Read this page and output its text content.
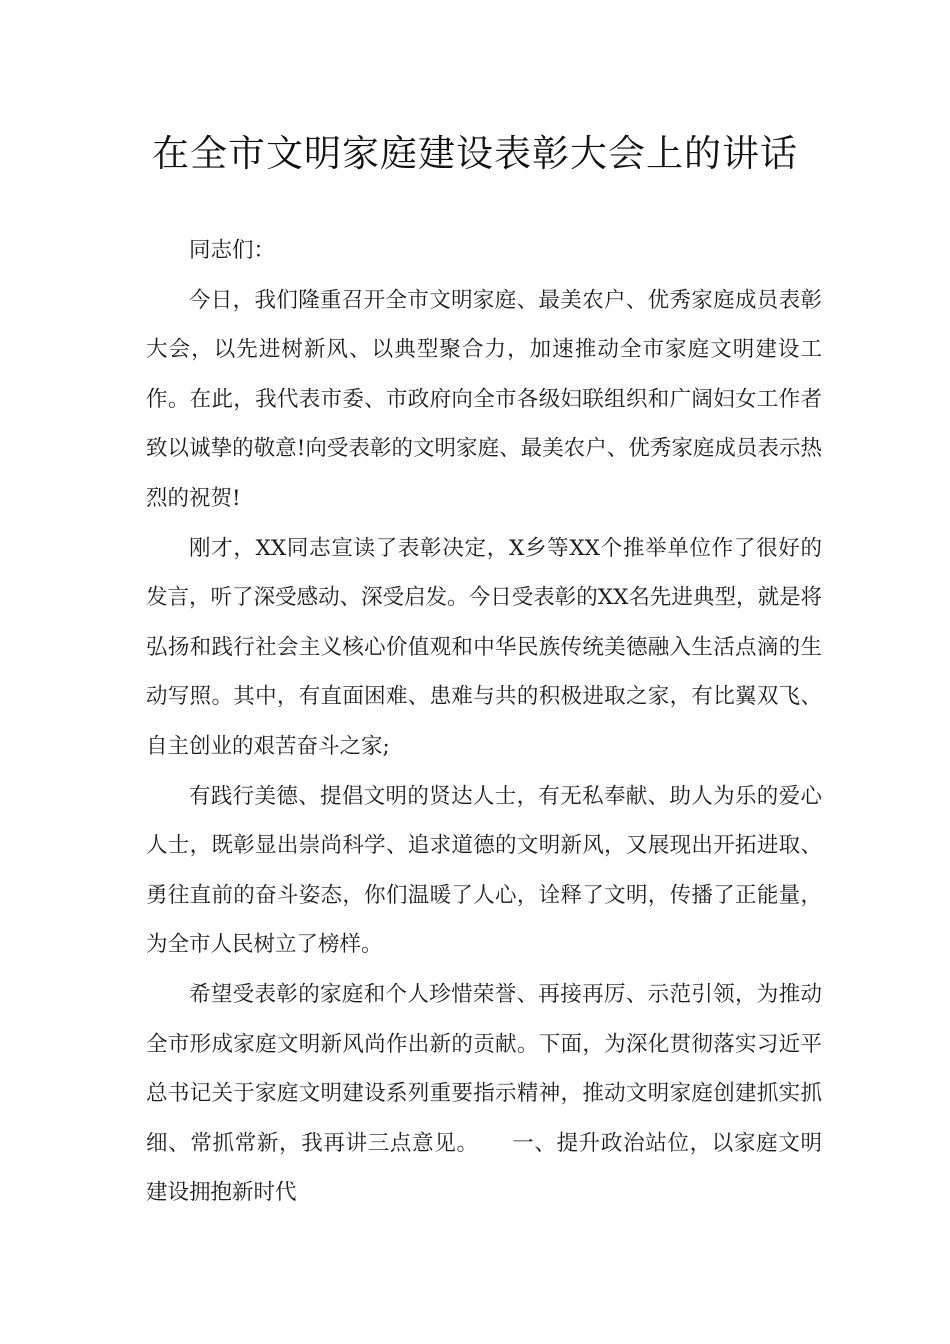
在全市文明家庭建设表彰大会上的讲话

同志们：

今日，我们隆重召开全市文明家庭、最美农户、优秀家庭成员表彰大会，以先进树新风、以典型聚合力，加速推动全市家庭文明建设工作。在此，我代表市委、市政府向全市各级妇联组织和广阔妇女工作者致以诚挚的敬意!向受表彰的文明家庭、最美农户、优秀家庭成员表示热烈的祝贺!

刚才，XX同志宣读了表彰决定，X乡等XX个推举单位作了很好的发言，听了深受感动、深受启发。今日受表彰的XX名先进典型，就是将弘扬和践行社会主义核心价值观和中华民族传统美德融入生活点滴的生动写照。其中，有直面困难、患难与共的积极进取之家，有比翼双飞、自主创业的艰苦奋斗之家;

有践行美德、提倡文明的贤达人士，有无私奉献、助人为乐的爱心人士，既彰显出崇尚科学、追求道德的文明新风，又展现出开拓进取、勇往直前的奋斗姿态，你们温暖了人心，诠释了文明，传播了正能量，为全市人民树立了榜样。

希望受表彰的家庭和个人珍惜荣誉、再接再厉、示范引领，为推动全市形成家庭文明新风尚作出新的贡献。下面，为深化贯彻落实习近平总书记关于家庭文明建设系列重要指示精神，推动文明家庭创建抓实抓细、常抓常新，我再讲三点意见。　　一、提升政治站位，以家庭文明建设拥抱新时代
